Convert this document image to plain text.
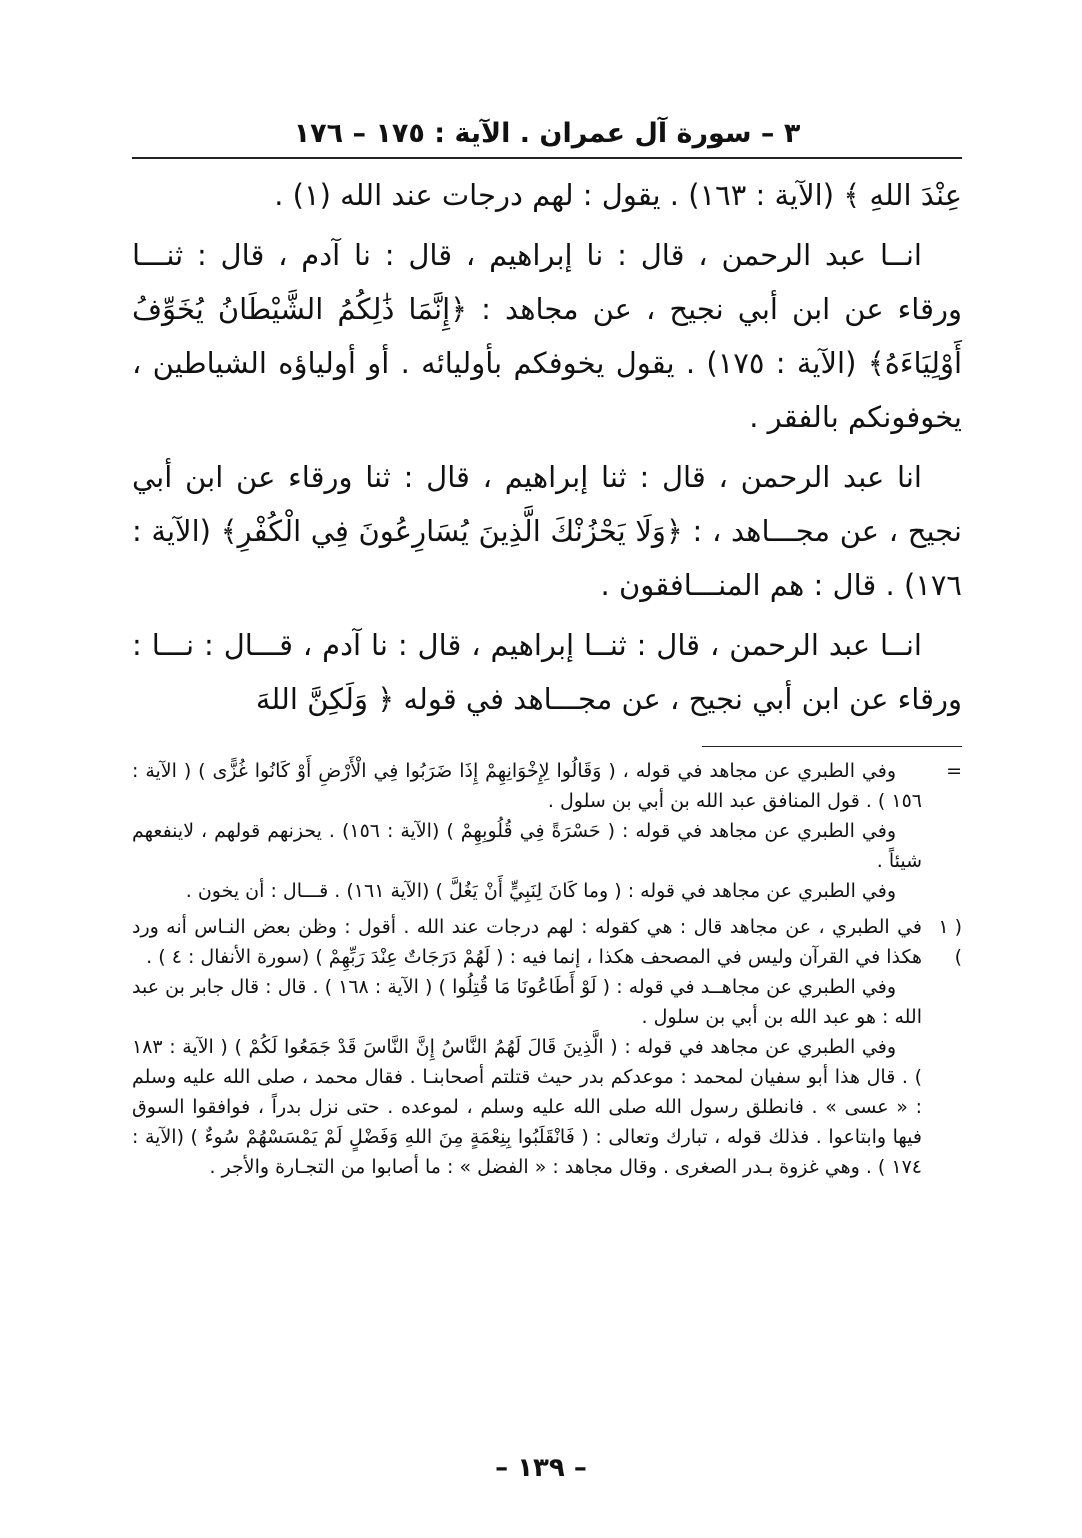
٣ – سورة آل عمران . الآية : ١٧٥ – ١٧٦

عِنْدَ اللهِ ﴾ (الآية : ١٦٣) . يقول : لهم درجات عند الله (١) .

انــا عبد الرحمن ، قال : نا إبراهيم ، قال : نا آدم ، قال : ثنـــا ورقاء عن ابن أبي نجيح ، عن مجاهد : ﴿إِنَّمَا ذَٰلِكُمُ الشَّيْطَانُ يُخَوِّفُ أَوْلِيَاءَهُ﴾ (الآية : ١٧٥) . يقول يخوفكم بأوليائه . أو أولياؤه الشياطين ، يخوفونكم بالفقر .

انا عبد الرحمن ، قال : ثنا إبراهيم ، قال : ثنا ورقاء عن ابن أبي نجيح ، عن مجـــاهد ، : ﴿وَلَا يَحْزُنْكَ الَّذِينَ يُسَارِعُونَ فِي الْكُفْرِ﴾ (الآية : ١٧٦) . قال : هم المنـــافقون .

انــا عبد الرحمن ، قال : ثنــا إبراهيم ، قال : نا آدم ، قـــال : نـــا : ورقاء عن ابن أبي نجيح ، عن مجـــاهد في قوله ﴿ وَلَكِنَّ اللهَ

=

وفي الطبري عن مجاهد في قوله ، ( وَقَالُوا لِإِخْوَانِهِمْ إِذَا ضَرَبُوا فِي الْأَرْضِ أَوْ كَانُوا غُزًّى ) ( الآية : ١٥٦ ) . قول المنافق عبد الله بن أبي بن سلول .

وفي الطبري عن مجاهد في قوله : ( حَسْرَةً فِي قُلُوبِهِمْ ) (الآية : ١٥٦) . يحزنهم قولهم ، لاينفعهم شيئاً .

وفي الطبري عن مجاهد في قوله : ( وما كَانَ لِنَبِيٍّ أَنْ يَغُلَّ ) (الآية ١٦١) . قـــال : أن يخون .

( ١ )

في الطبري ، عن مجاهد قال : هي كقوله : لهم درجات عند الله . أقول : وظن بعض النـاس أنه ورد هكذا في القرآن وليس في المصحف هكذا ، إنما فيه : ( لَهُمْ دَرَجَاتٌ عِنْدَ رَبِّهِمْ ) (سورة الأنفال : ٤ ) .

وفي الطبري عن مجاهــد في قوله : ( لَوْ أَطَاعُونَا مَا قُتِلُوا ) ( الآية : ١٦٨ ) . قال : قال جابر بن عبد الله : هو عبد الله بن أبي بن سلول .

وفي الطبري عن مجاهد في قوله : ( الَّذِينَ قَالَ لَهُمُ النَّاسُ إِنَّ النَّاسَ قَدْ جَمَعُوا لَكُمْ ) ( الآية : ١٨٣ ) . قال هذا أبو سفيان لمحمد : موعدكم بدر حيث قتلتم أصحابنـا . فقال محمد ، صلى الله عليه وسلم : « عسى » . فانطلق رسول الله صلى الله عليه وسلم ، لموعده . حتى نزل بدراً ، فوافقوا السوق فيها وابتاعوا . فذلك قوله ، تبارك وتعالى : ( فَانْقَلَبُوا بِنِعْمَةٍ مِنَ اللهِ وَفَضْلٍ لَمْ يَمْسَسْهُمْ سُوءٌ ) (الآية : ١٧٤ ) . وهي غزوة بـدر الصغرى . وقال مجاهد : « الفضل » : ما أصابوا من التجـارة والأجر .

– ١٣٩ –
